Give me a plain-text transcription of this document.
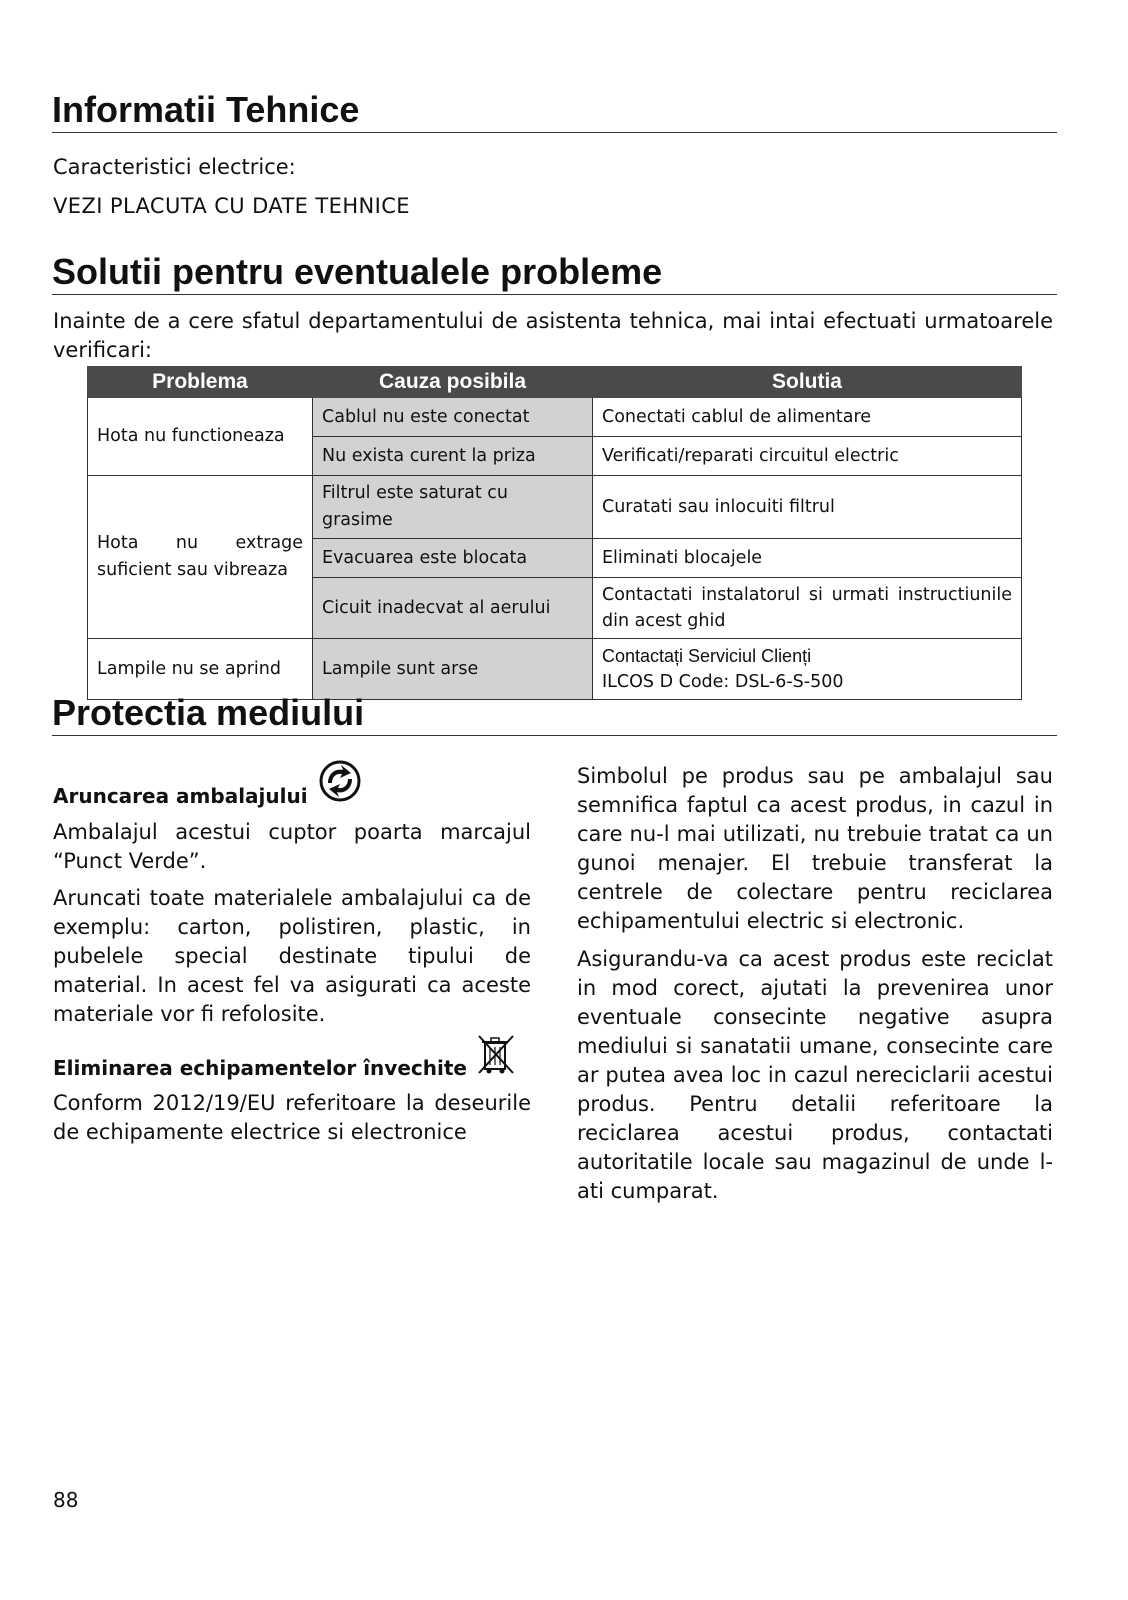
Informatii Tehnice
Caracteristici electrice:
VEZI PLACUTA CU DATE TEHNICE
Solutii pentru eventualele probleme
Inainte de a cere sfatul departamentului de asistenta tehnica, mai intai efectuati urmatoarele verificari:
Problema	Cauza posibila	Solutia
Hota nu functioneaza	Cablul nu este conectat	Conectati cablul de alimentare
	Nu exista curent la priza	Verificati/reparati circuitul electric
Hota nu extrage suficient sau vibreaza	Filtrul este saturat cu grasime	Curatati sau inlocuiti filtrul
	Evacuarea este blocata	Eliminati blocajele
	Cicuit inadecvat al aerului	Contactati instalatorul si urmati instructiunile din acest ghid
Lampile nu se aprind	Lampile sunt arse	Contactați Serviciul Clienți
ILCOS D Code: DSL-6-S-500
Protectia mediului
Aruncarea ambalajului
Ambalajul acestui cuptor poarta marcajul “Punct Verde”.
Aruncati toate materialele ambalajului ca de exemplu: carton, polistiren, plastic, in pubelele special destinate tipului de material. In acest fel va asigurati ca aceste materiale vor fi refolosite.
Eliminarea echipamentelor învechite
Conform 2012/19/EU referitoare la deseurile de echipamente electrice si electronice
Simbolul pe produs sau pe ambalajul sau semnifica faptul ca acest produs, in cazul in care nu-l mai utilizati, nu trebuie tratat ca un gunoi menajer. El trebuie transferat la centrele de colectare pentru reciclarea echipamentului electric si electronic.
Asigurandu-va ca acest produs este reciclat in mod corect, ajutati la prevenirea unor eventuale consecinte negative asupra mediului si sanatatii umane, consecinte care ar putea avea loc in cazul nereciclarii acestui produs. Pentru detalii referitoare la reciclarea acestui produs, contactati autoritatile locale sau magazinul de unde l-ati cumparat.
88
